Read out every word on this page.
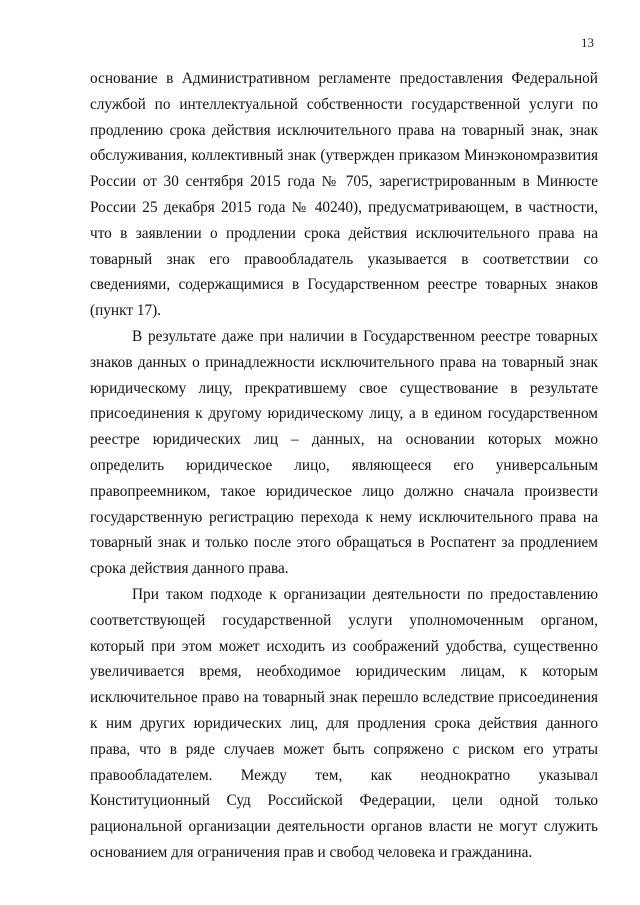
13

основание в Административном регламенте предоставления Федеральной службой по интеллектуальной собственности государственной услуги по продлению срока действия исключительного права на товарный знак, знак обслуживания, коллективный знак (утвержден приказом Минэкономразвития России от 30 сентября 2015 года № 705, зарегистрированным в Минюсте России 25 декабря 2015 года № 40240), предусматривающем, в частности, что в заявлении о продлении срока действия исключительного права на товарный знак его правообладатель указывается в соответствии со сведениями, содержащимися в Государственном реестре товарных знаков (пункт 17).

В результате даже при наличии в Государственном реестре товарных знаков данных о принадлежности исключительного права на товарный знак юридическому лицу, прекратившему свое существование в результате присоединения к другому юридическому лицу, а в едином государственном реестре юридических лиц – данных, на основании которых можно определить юридическое лицо, являющееся его универсальным правопреемником, такое юридическое лицо должно сначала произвести государственную регистрацию перехода к нему исключительного права на товарный знак и только после этого обращаться в Роспатент за продлением срока действия данного права.

При таком подходе к организации деятельности по предоставлению соответствующей государственной услуги уполномоченным органом, который при этом может исходить из соображений удобства, существенно увеличивается время, необходимое юридическим лицам, к которым исключительное право на товарный знак перешло вследствие присоединения к ним других юридических лиц, для продления срока действия данного права, что в ряде случаев может быть сопряжено с риском его утраты правообладателем. Между тем, как неоднократно указывал Конституционный Суд Российской Федерации, цели одной только рациональной организации деятельности органов власти не могут служить основанием для ограничения прав и свобод человека и гражданина.
